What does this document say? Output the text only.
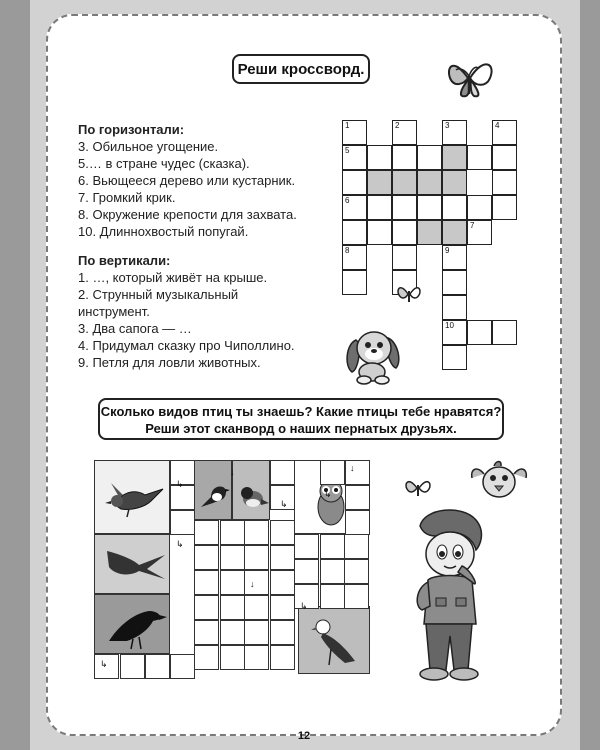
Реши кроссворд.
По горизонтали:
3. Обильное угощение.
5.… в стране чудес (сказка).
6. Вьющееся дерево или кустарник.
7. Громкий крик.
8. Окружение крепости для захвата.
10. Длиннохвостый попугай.
По вертикали:
1. …, который живёт на крыше.
2. Струнный музыкальный
инструмент.
3. Два сапога — …
4. Придумал сказку про Чиполлино.
9. Петля для ловли животных.
1	2	3	4
5
6
7
8	9
10
Сколько видов птиц ты знаешь? Какие птицы тебе нравятся?
Реши этот сканворд о наших пернатых друзьях.
↳
↳
↳
↓
↳
↳
↓
↳
↓
12
